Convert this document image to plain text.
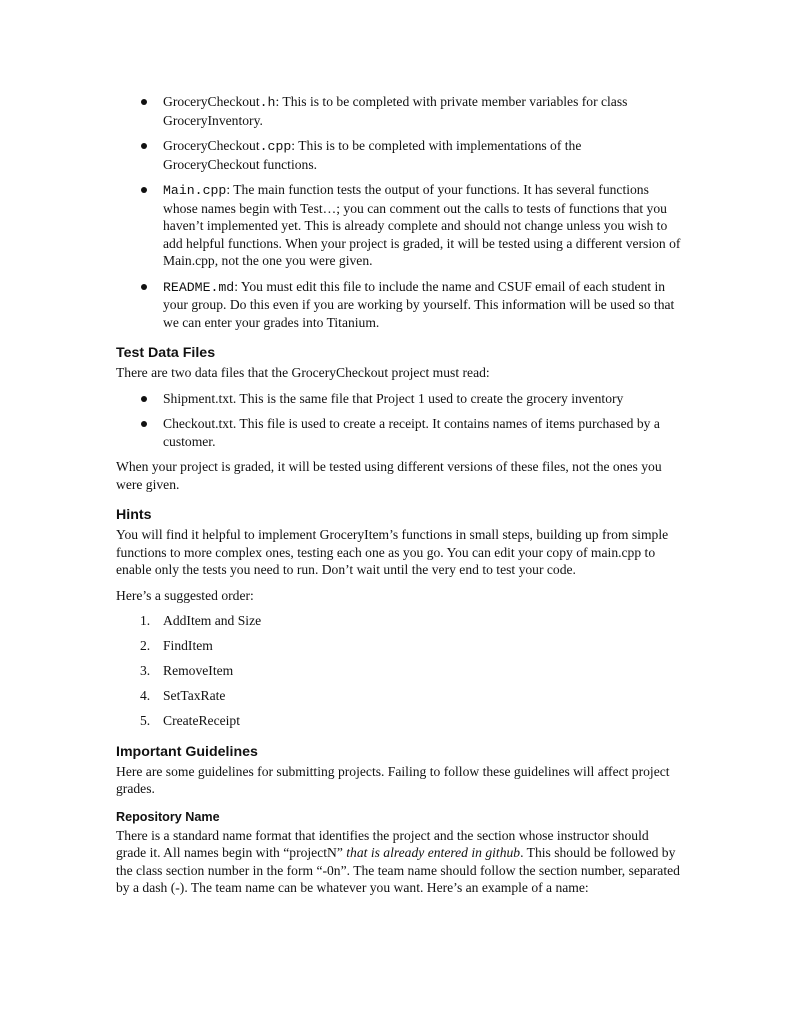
GroceryCheckout.h: This is to be completed with private member variables for class GroceryInventory.
GroceryCheckout.cpp: This is to be completed with implementations of the GroceryCheckout functions.
Main.cpp: The main function tests the output of your functions. It has several functions whose names begin with Test…; you can comment out the calls to tests of functions that you haven’t implemented yet. This is already complete and should not change unless you wish to add helpful functions. When your project is graded, it will be tested using a different version of Main.cpp, not the one you were given.
README.md: You must edit this file to include the name and CSUF email of each student in your group. Do this even if you are working by yourself. This information will be used so that we can enter your grades into Titanium.
Test Data Files

There are two data files that the GroceryCheckout project must read:

Shipment.txt. This is the same file that Project 1 used to create the grocery inventory
Checkout.txt. This file is used to create a receipt. It contains names of items purchased by a customer.

When your project is graded, it will be tested using different versions of these files, not the ones you were given.

Hints

You will find it helpful to implement GroceryItem’s functions in small steps, building up from simple functions to more complex ones, testing each one as you go. You can edit your copy of main.cpp to enable only the tests you need to run. Don’t wait until the very end to test your code.

Here’s a suggested order:

1. AddItem and Size
2. FindItem
3. RemoveItem
4. SetTaxRate
5. CreateReceipt
Important Guidelines

Here are some guidelines for submitting projects. Failing to follow these guidelines will affect project grades.

Repository Name

There is a standard name format that identifies the project and the section whose instructor should grade it. All names begin with “projectN” that is already entered in github. This should be followed by the class section number in the form “-0n”. The team name should follow the section number, separated by a dash (-). The team name can be whatever you want. Here’s an example of a name:
